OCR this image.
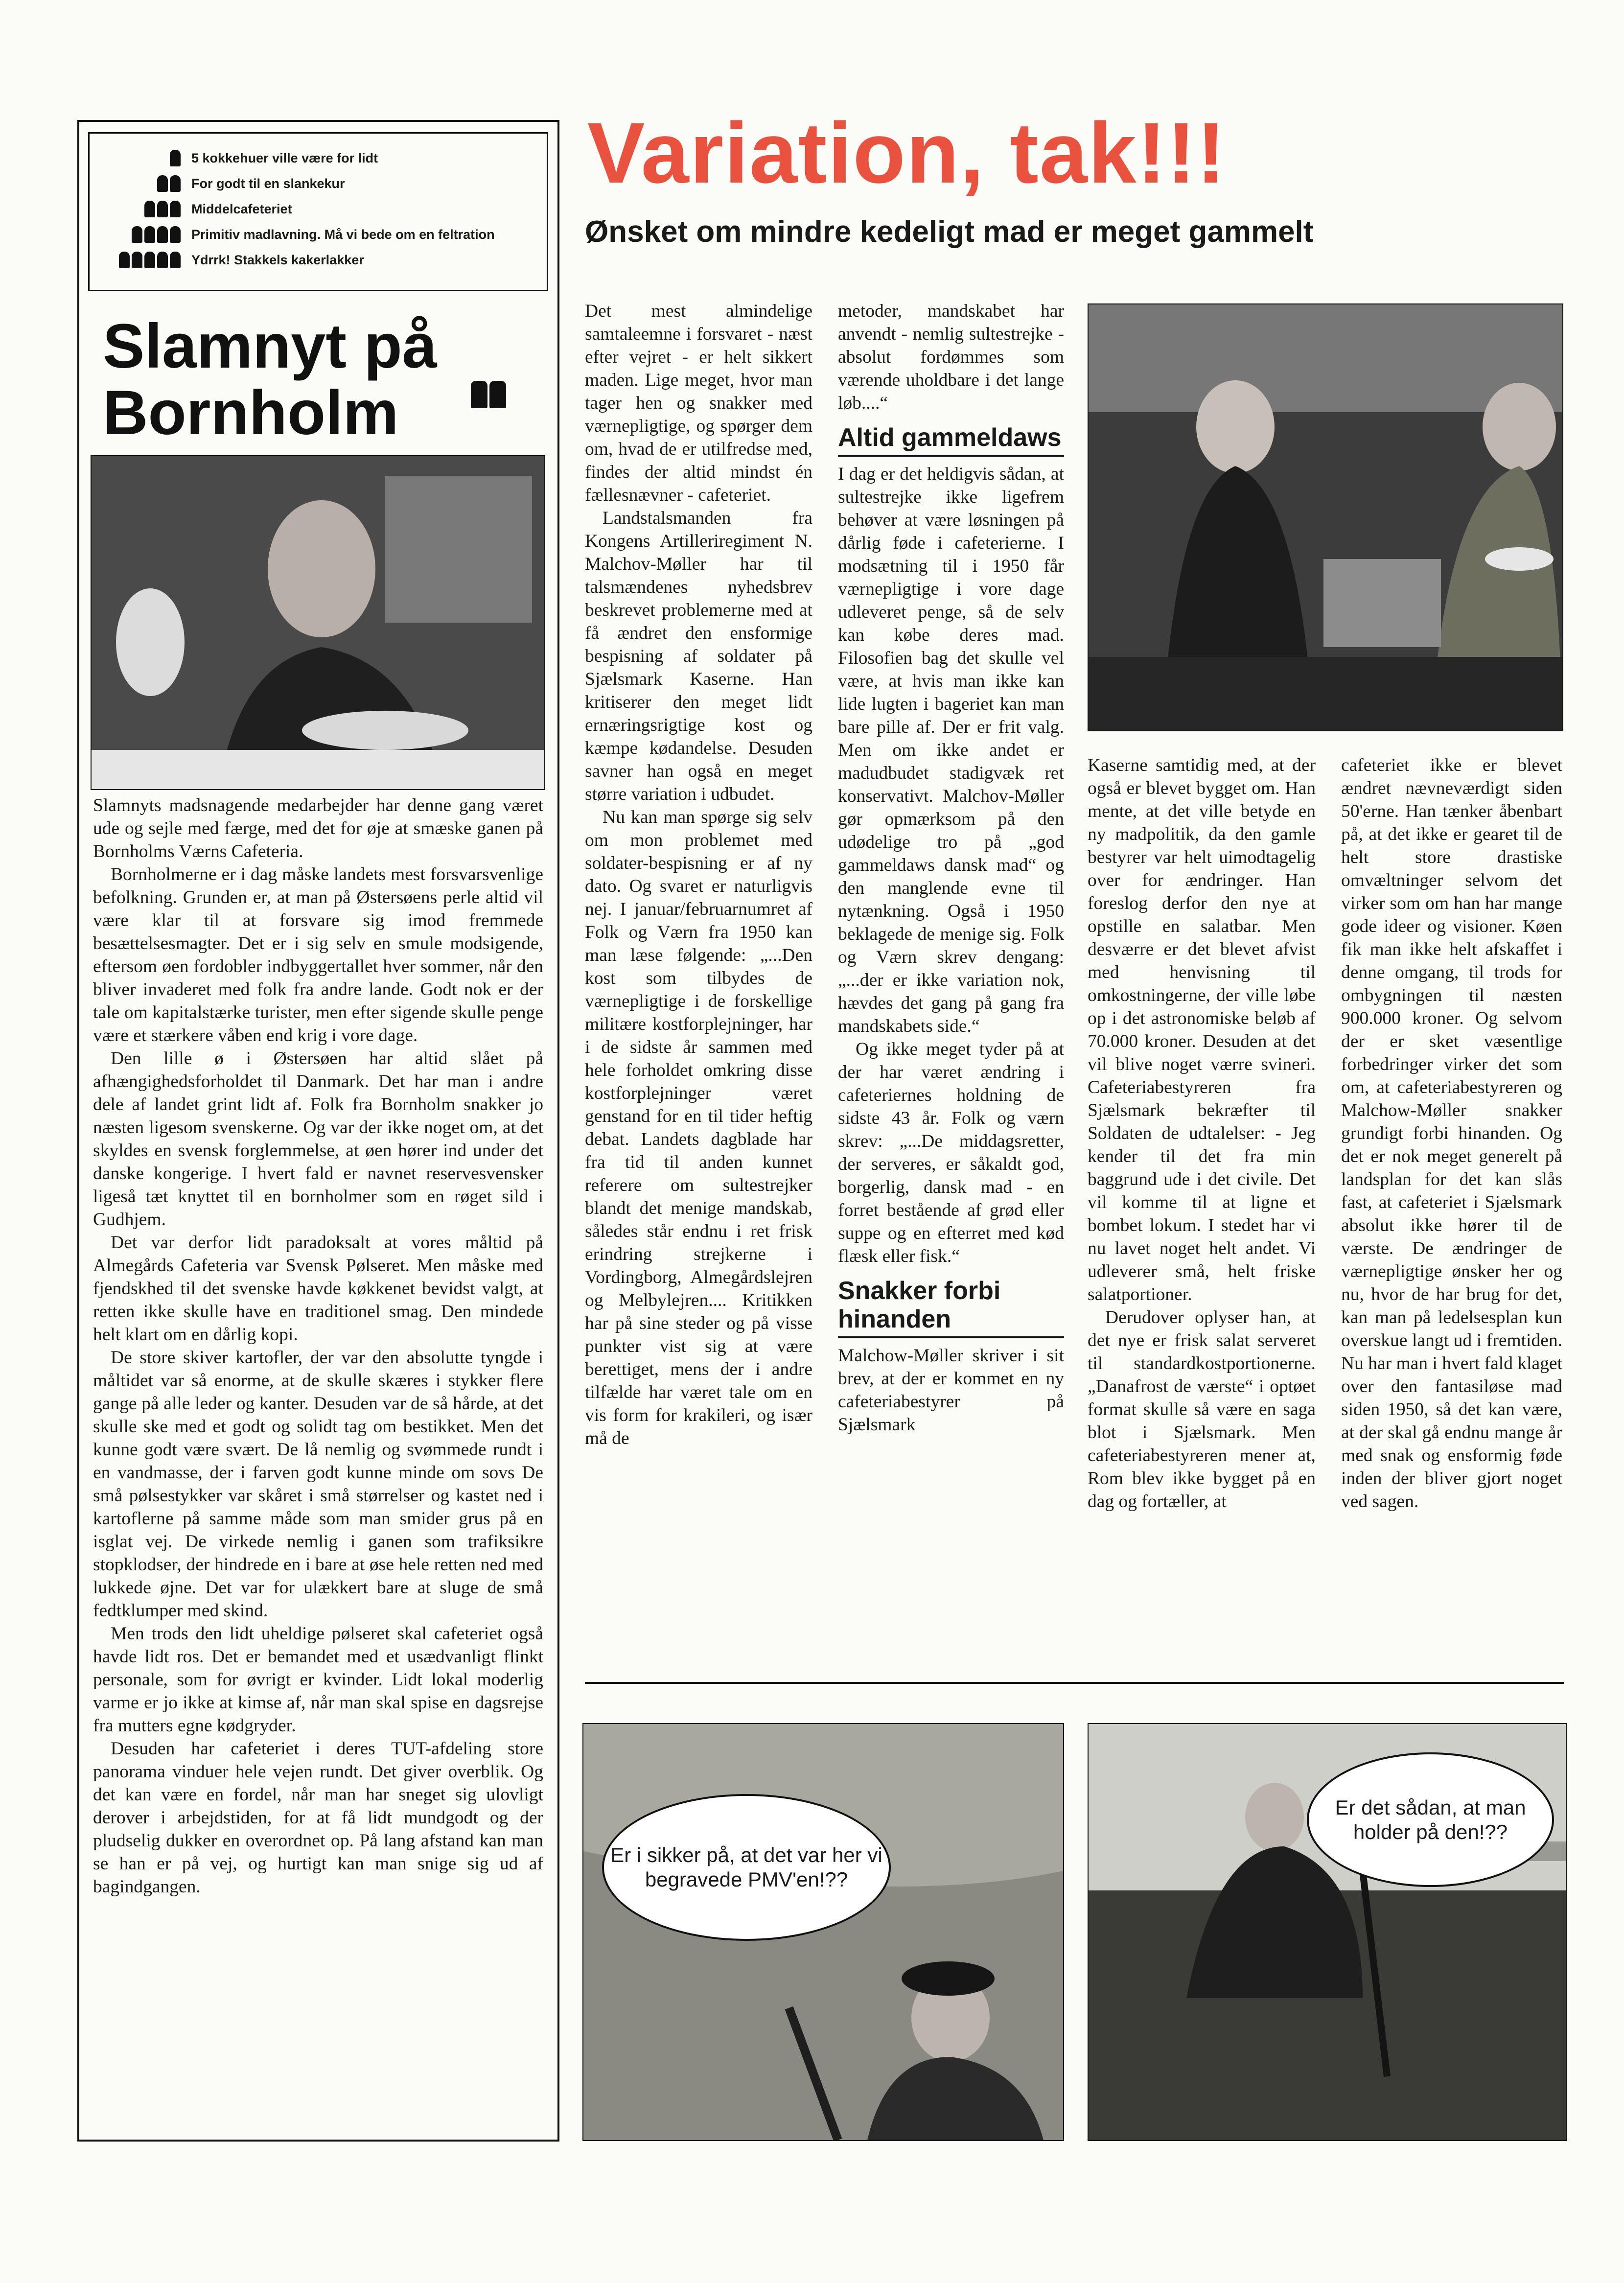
5 kokkehuer ville være for lidt
For godt til en slankekur
Middelcafeteriet
Primitiv madlavning. Må vi bede om en feltration
Ydrrk! Stakkels kakerlakker
Slamnyt på
Bornholm

Slamnyts madsnagende medarbejder har denne gang været ude og sejle med færge, med det for øje at smæske ganen på Bornholms Værns Cafeteria.

Bornholmerne er i dag måske landets mest forsvarsvenlige befolkning. Grunden er, at man på Østersøens perle altid vil være klar til at forsvare sig imod fremmede besættelsesmagter. Det er i sig selv en smule modsigende, eftersom øen fordobler indbyggertallet hver sommer, når den bliver invaderet med folk fra andre lande. Godt nok er der tale om kapitalstærke turister, men efter sigende skulle penge være et stærkere våben end krig i vore dage.

Den lille ø i Østersøen har altid slået på afhængighedsforholdet til Danmark. Det har man i andre dele af landet grint lidt af. Folk fra Bornholm snakker jo næsten ligesom svenskerne. Og var der ikke noget om, at det skyldes en svensk forglemmelse, at øen hører ind under det danske kongerige. I hvert fald er navnet reservesvensker ligeså tæt knyttet til en bornholmer som en røget sild i Gudhjem.

Det var derfor lidt paradoksalt at vores måltid på Almegårds Cafeteria var Svensk Pølseret. Men måske med fjendskhed til det svenske havde køkkenet bevidst valgt, at retten ikke skulle have en traditionel smag. Den mindede helt klart om en dårlig kopi.

De store skiver kartofler, der var den absolutte tyngde i måltidet var så enorme, at de skulle skæres i stykker flere gange på alle leder og kanter. Desuden var de så hårde, at det skulle ske med et godt og solidt tag om bestikket. Men det kunne godt være svært. De lå nemlig og svømmede rundt i en vandmasse, der i farven godt kunne minde om sovs De små pølsestykker var skåret i små størrelser og kastet ned i kartoflerne på samme måde som man smider grus på en isglat vej. De virkede nemlig i ganen som trafiksikre stopklodser, der hindrede en i bare at øse hele retten ned med lukkede øjne. Det var for ulækkert bare at sluge de små fedtklumper med skind.

Men trods den lidt uheldige pølseret skal cafeteriet også havde lidt ros. Det er bemandet med et usædvanligt flinkt personale, som for øvrigt er kvinder. Lidt lokal moderlig varme er jo ikke at kimse af, når man skal spise en dagsrejse fra mutters egne kødgryder.

Desuden har cafeteriet i deres TUT-afdeling store panorama vinduer hele vejen rundt. Det giver overblik. Og det kan være en fordel, når man har sneget sig ulovligt derover i arbejdstiden, for at få lidt mundgodt og der pludselig dukker en overordnet op. På lang afstand kan man se han er på vej, og hurtigt kan man snige sig ud af bagindgangen.

Variation, tak!!!
Ønsket om mindre kedeligt mad er meget gammelt

Det mest almindelige samtaleemne i forsvaret - næst efter vejret - er helt sikkert maden. Lige meget, hvor man tager hen og snakker med værnepligtige, og spørger dem om, hvad de er utilfredse med, findes der altid mindst én fællesnævner - cafeteriet.

Landstalsmanden fra Kongens Artilleriregiment N. Malchov-Møller har til talsmændenes nyhedsbrev beskrevet problemerne med at få ændret den ensformige bespisning af soldater på Sjælsmark Kaserne. Han kritiserer den meget lidt ernæringsrigtige kost og kæmpe kødandelse. Desuden savner han også en meget større variation i udbudet.

Nu kan man spørge sig selv om mon problemet med soldater-bespisning er af ny dato. Og svaret er naturligvis nej. I januar/februarnumret af Folk og Værn fra 1950 kan man læse følgende: „...Den kost som tilbydes de værnepligtige i de forskellige militære kostforplejninger, har i de sidste år sammen med hele forholdet omkring disse kostforplejninger været genstand for en til tider heftig debat. Landets dagblade har fra tid til anden kunnet referere om sultestrejker blandt det menige mandskab, således står endnu i ret frisk erindring strejkerne i Vordingborg, Almegårdslejren og Melbylejren.... Kritikken har på sine steder og på visse punkter vist sig at være berettiget, mens der i andre tilfælde har været tale om en vis form for krakileri, og især må de

metoder, mandskabet har anvendt - nemlig sultestrejke - absolut fordømmes som værende uholdbare i det lange løb....“

Altid gammeldaws

I dag er det heldigvis sådan, at sultestrejke ikke ligefrem behøver at være løsningen på dårlig føde i cafeterierne. I modsætning til i 1950 får værnepligtige i vore dage udleveret penge, så de selv kan købe deres mad. Filosofien bag det skulle vel være, at hvis man ikke kan lide lugten i bageriet kan man bare pille af. Der er frit valg. Men om ikke andet er madudbudet stadigvæk ret konservativt. Malchov-Møller gør opmærksom på den udødelige tro på „god gammeldaws dansk mad“ og den manglende evne til nytænkning. Også i 1950 beklagede de menige sig. Folk og Værn skrev dengang: „...der er ikke variation nok, hævdes det gang på gang fra mandskabets side.“

Og ikke meget tyder på at der har været ændring i cafeteriernes holdning de sidste 43 år. Folk og værn skrev: „...De middagsretter, der serveres, er såkaldt god, borgerlig, dansk mad - en forret bestående af grød eller suppe og en efterret med kød flæsk eller fisk.“

Snakker forbi hinanden

Malchow-Møller skriver i sit brev, at der er kommet en ny cafeteriabestyrer på Sjælsmark

Kaserne samtidig med, at der også er blevet bygget om. Han mente, at det ville betyde en ny madpolitik, da den gamle bestyrer var helt uimodtagelig over for ændringer. Han foreslog derfor den nye at opstille en salatbar. Men desværre er det blevet afvist med henvisning til omkostningerne, der ville løbe op i det astronomiske beløb af 70.000 kroner. Desuden at det vil blive noget værre svineri. Cafeteriabestyreren fra Sjælsmark bekræfter til Soldaten de udtalelser: - Jeg kender til det fra min baggrund ude i det civile. Det vil komme til at ligne et bombet lokum. I stedet har vi nu lavet noget helt andet. Vi udleverer små, helt friske salatportioner.

Derudover oplyser han, at det nye er frisk salat serveret til standardkostportionerne. „Danafrost de værste“ i optøet format skulle så være en saga blot i Sjælsmark. Men cafeteriabestyreren mener at, Rom blev ikke bygget på en dag og fortæller, at

cafeteriet ikke er blevet ændret nævneværdigt siden 50'erne. Han tænker åbenbart på, at det ikke er gearet til de helt store drastiske omvæltninger selvom det virker som om han har mange gode ideer og visioner. Køen fik man ikke helt afskaffet i denne omgang, til trods for ombygningen til næsten 900.000 kroner. Og selvom der er sket væsentlige forbedringer virker det som om, at cafeteriabestyreren og Malchow-Møller snakker grundigt forbi hinanden. Og det er nok meget generelt på landsplan for det kan slås fast, at cafeteriet i Sjælsmark absolut ikke hører til de værste. De ændringer de værnepligtige ønsker her og nu, hvor de har brug for det, kan man på ledelsesplan kun overskue langt ud i fremtiden. Nu har man i hvert fald klaget over den fantasiløse mad siden 1950, så det kan være, at der skal gå endnu mange år med snak og ensformig føde inden der bliver gjort noget ved sagen.

Er i sikker på, at det var her vi begravede PMV'en!??
Er det sådan, at man holder på den!??
